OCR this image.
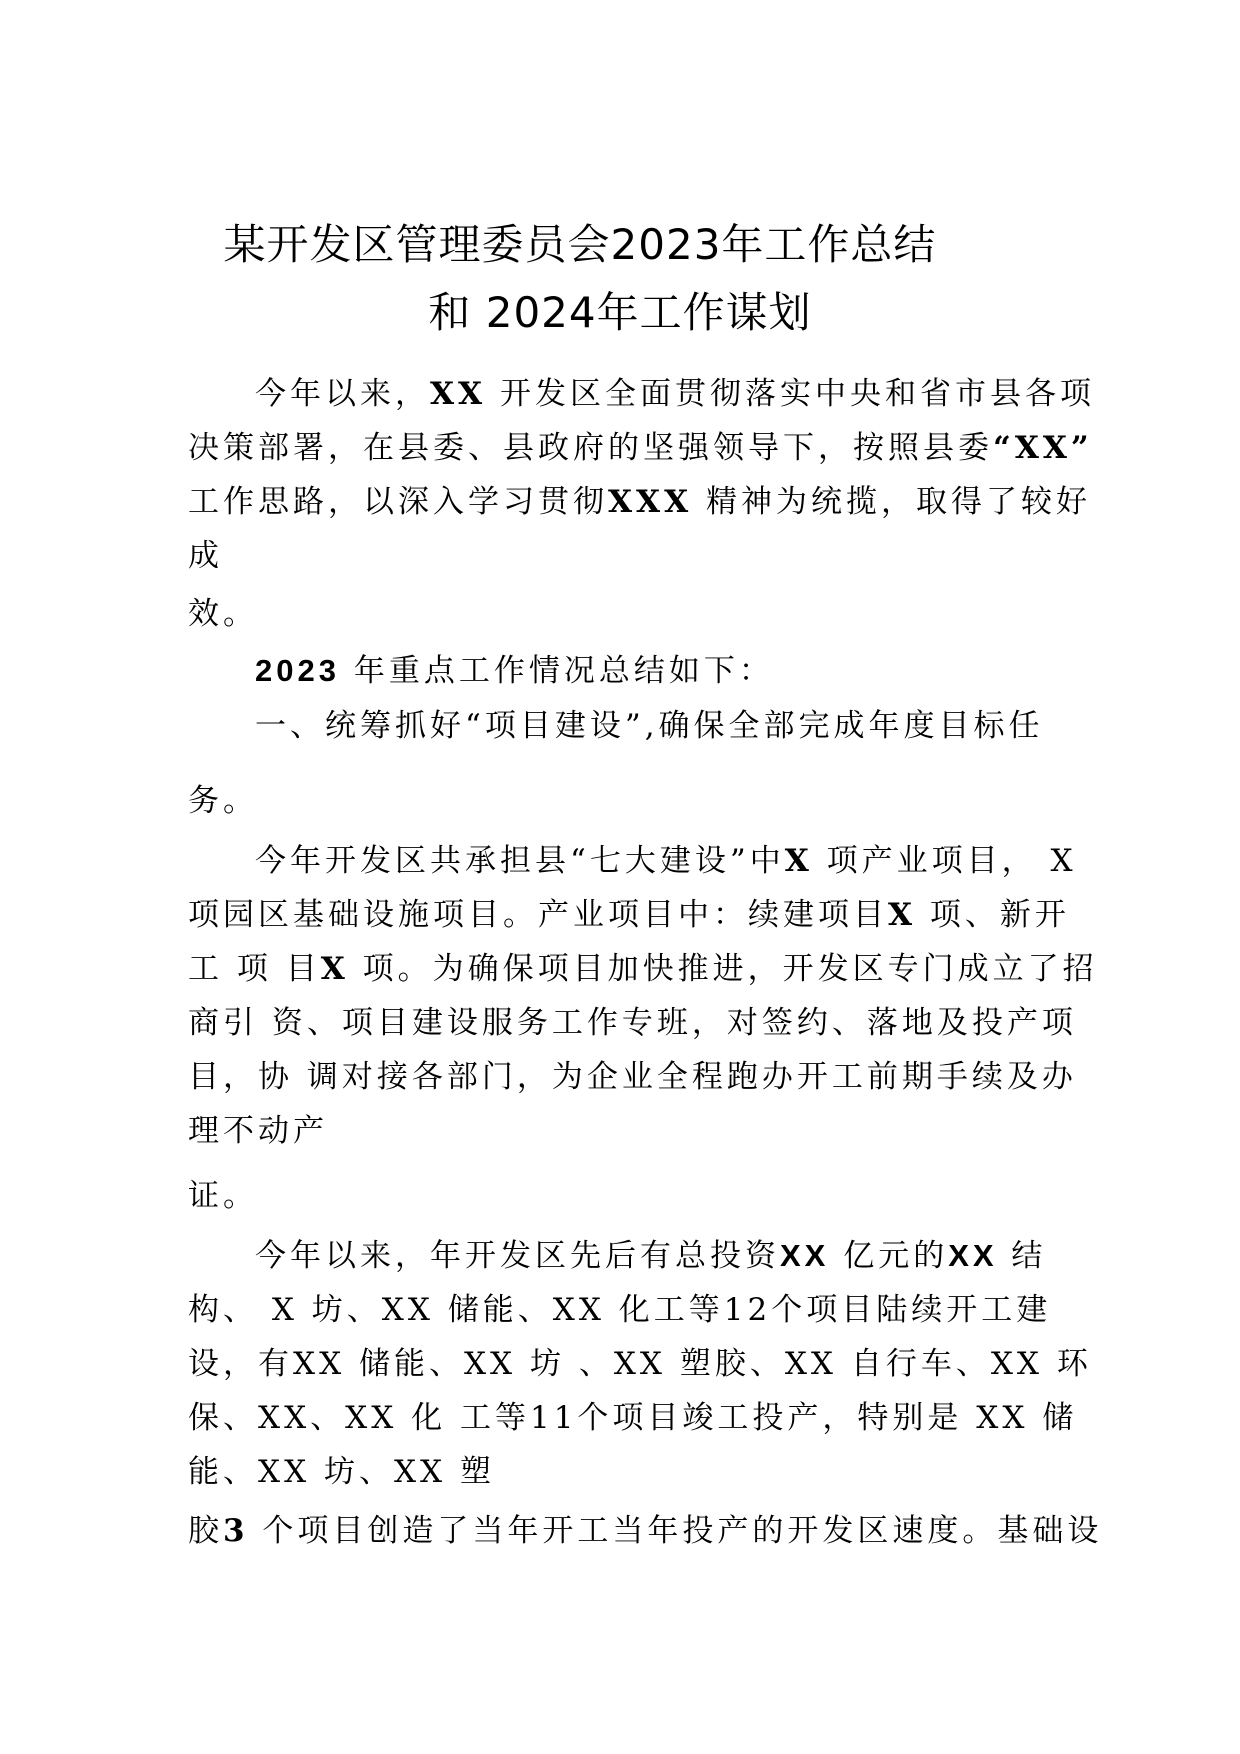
某开发区管理委员会2023年工作总结
和 2024年工作谋划
今年以来，XX 开发区全面贯彻落实中央和省市县各项
决策部署，在县委、县政府的坚强领导下，按照县委“XX”
工作思路，以深入学习贯彻XXX 精神为统揽，取得了较好
成
效。
2023 年重点工作情况总结如下：
一、统筹抓好“项目建设”,确保全部完成年度目标任
务。
今年开发区共承担县“七大建设”中X 项产业项目， X
项园区基础设施项目。产业项目中：续建项目X 项、新开
工 项 目X 项。为确保项目加快推进，开发区专门成立了招
商引 资、项目建设服务工作专班，对签约、落地及投产项
目，协 调对接各部门，为企业全程跑办开工前期手续及办
理不动产
证。
今年以来，年开发区先后有总投资XX 亿元的XX 结
构、 X 坊、XX 储能、XX 化工等12个项目陆续开工建
设，有XX 储能、XX 坊 、XX 塑胶、XX 自行车、XX 环
保、XX、XX 化 工等11个项目竣工投产，特别是 XX 储
能、XX 坊、XX 塑
胶3 个项目创造了当年开工当年投产的开发区速度。基础设
